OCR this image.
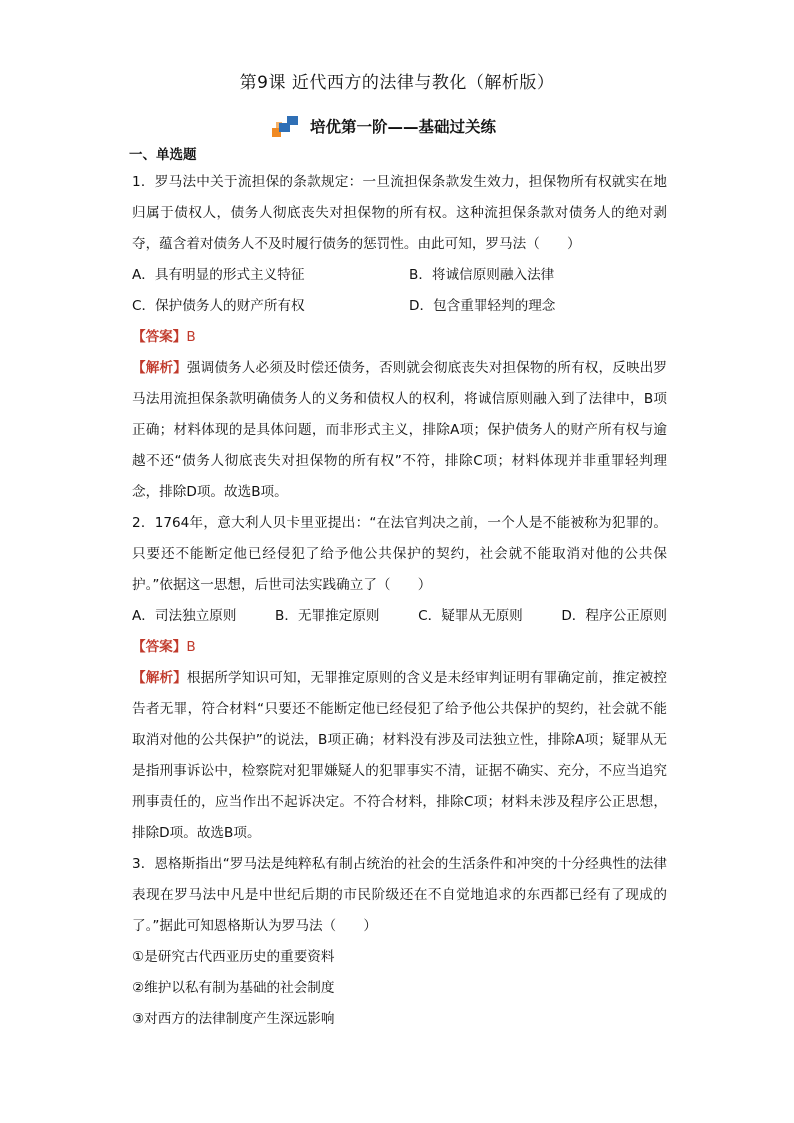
第9课 近代西方的法律与教化（解析版）
培优第一阶——基础过关练
一、单选题
1．罗马法中关于流担保的条款规定：一旦流担保条款发生效力，担保物所有权就实在地归属于债权人，债务人彻底丧失对担保物的所有权。这种流担保条款对债务人的绝对剥夺，蕴含着对债务人不及时履行债务的惩罚性。由此可知，罗马法（　　）
A．具有明显的形式主义特征	B．将诚信原则融入法律
C．保护债务人的财产所有权	D．包含重罪轻判的理念
【答案】B
【解析】强调债务人必须及时偿还债务，否则就会彻底丧失对担保物的所有权，反映出罗马法用流担保条款明确债务人的义务和债权人的权利，将诚信原则融入到了法律中，B项正确；材料体现的是具体问题，而非形式主义，排除A项；保护债务人的财产所有权与逾越不还“债务人彻底丧失对担保物的所有权”不符，排除C项；材料体现并非重罪轻判理念，排除D项。故选B项。
2．1764年，意大利人贝卡里亚提出：“在法官判决之前，一个人是不能被称为犯罪的。只要还不能断定他已经侵犯了给予他公共保护的契约，社会就不能取消对他的公共保护。”依据这一思想，后世司法实践确立了（　　）
A．司法独立原则	B．无罪推定原则	C．疑罪从无原则	D．程序公正原则
【答案】B
【解析】根据所学知识可知，无罪推定原则的含义是未经审判证明有罪确定前，推定被控告者无罪，符合材料“只要还不能断定他已经侵犯了给予他公共保护的契约，社会就不能取消对他的公共保护”的说法，B项正确；材料没有涉及司法独立性，排除A项；疑罪从无是指刑事诉讼中，检察院对犯罪嫌疑人的犯罪事实不清，证据不确实、充分，不应当追究刑事责任的，应当作出不起诉决定。不符合材料，排除C项；材料未涉及程序公正思想，排除D项。故选B项。
3．恩格斯指出“罗马法是纯粹私有制占统治的社会的生活条件和冲突的十分经典性的法律表现在罗马法中凡是中世纪后期的市民阶级还在不自觉地追求的东西都已经有了现成的了。”据此可知恩格斯认为罗马法（　　）
①是研究古代西亚历史的重要资料
②维护以私有制为基础的社会制度
③对西方的法律制度产生深远影响
